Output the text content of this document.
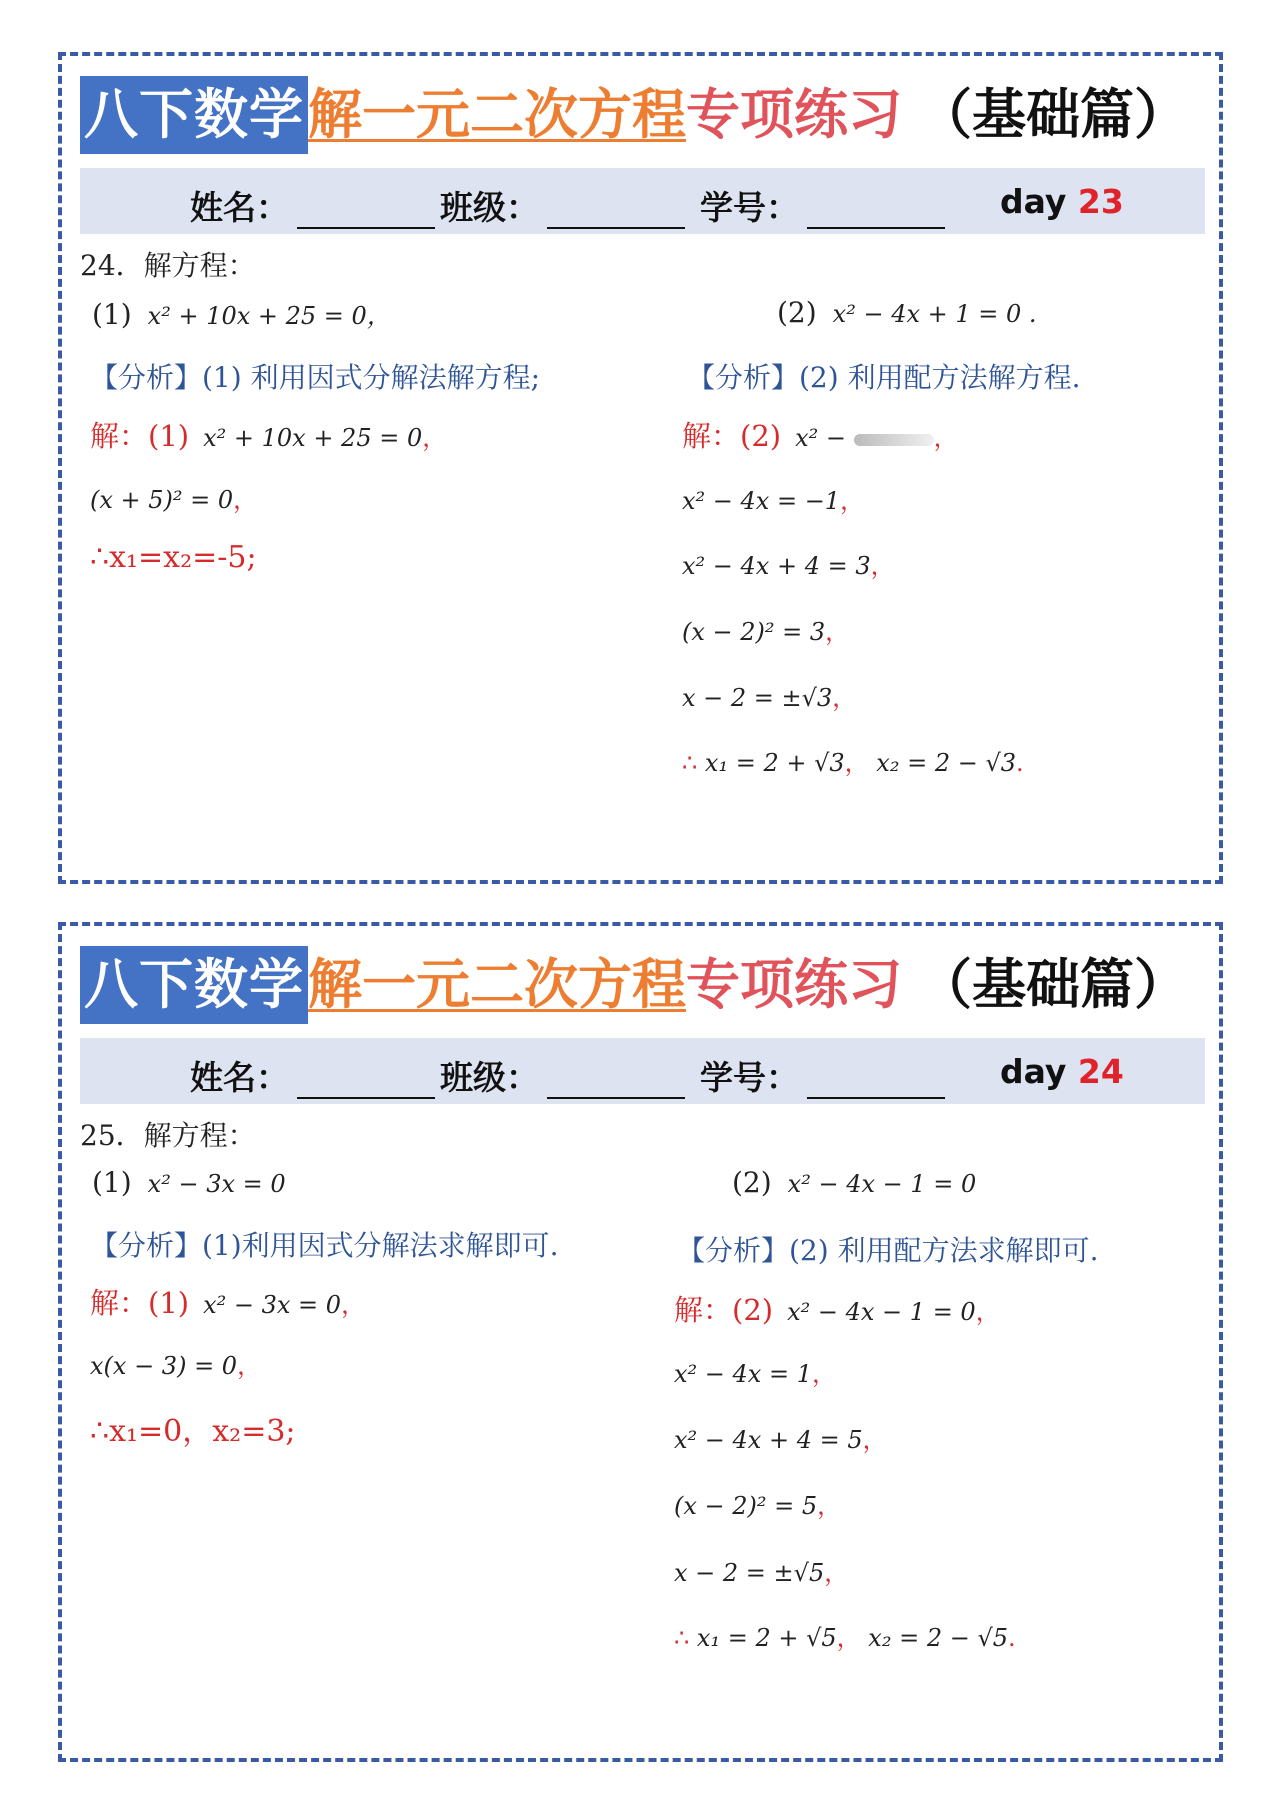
八下数学 解一元二次方程 专项练习 （基础篇）
姓名：	班级：	学号：	day 23
24．解方程：
(1) x² + 10x + 25 = 0，	(2) x² − 4x + 1 = 0 .
【分析】(1) 利用因式分解法解方程;	【分析】(2) 利用配方法解方程.
解：(1) x² + 10x + 25 = 0，
(x + 5)² = 0，
∴x₁=x₂=-5;
解：(2) x² −	，
x² − 4x = −1，
x² − 4x + 4 = 3，
(x − 2)² = 3，
x − 2 = ±√3，
∴ x₁ = 2 + √3， x₂ = 2 − √3.
八下数学 解一元二次方程 专项练习 （基础篇）
姓名：	班级：	学号：	day 24
25．解方程：
(1) x² − 3x = 0	(2) x² − 4x − 1 = 0
【分析】(1)利用因式分解法求解即可.	【分析】(2) 利用配方法求解即可.
解：(1) x² − 3x = 0，
x(x − 3) = 0，
∴x₁=0，x₂=3;
解：(2) x² − 4x − 1 = 0，
x² − 4x = 1，
x² − 4x + 4 = 5，
(x − 2)² = 5，
x − 2 = ±√5，
∴ x₁ = 2 + √5， x₂ = 2 − √5.
